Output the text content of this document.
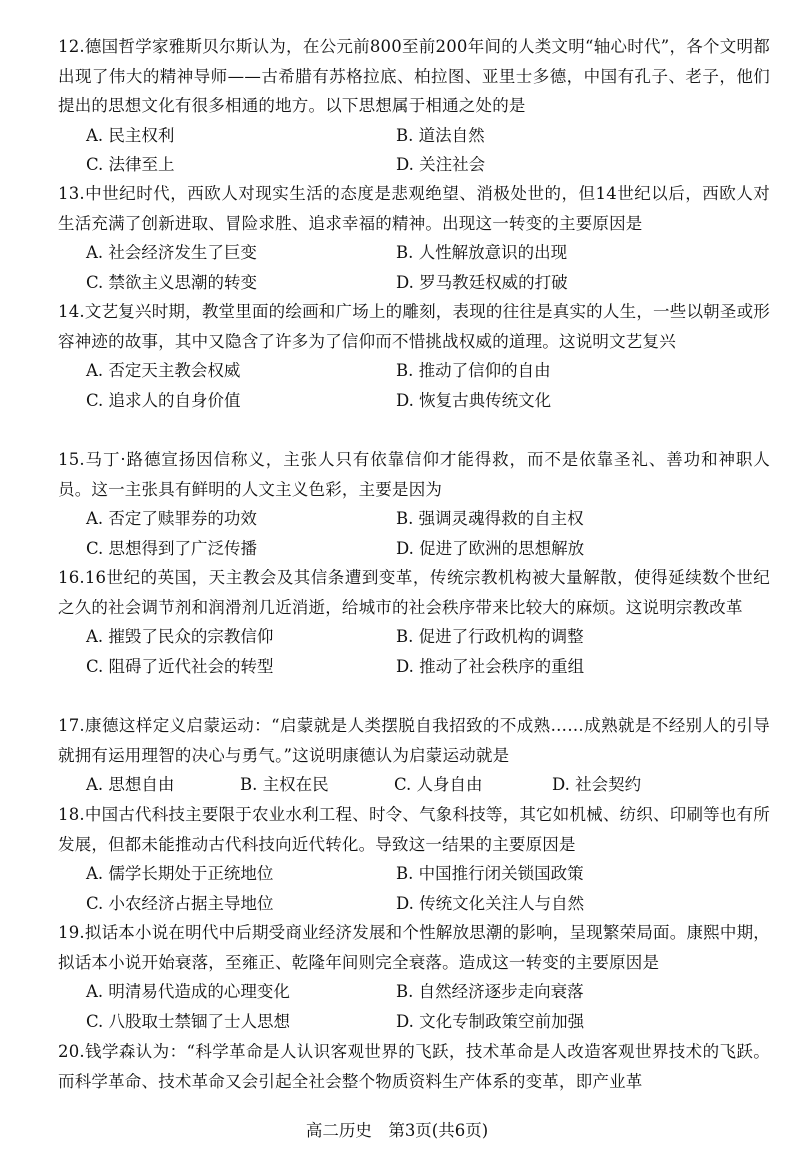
12.德国哲学家雅斯贝尔斯认为，在公元前800至前200年间的人类文明“轴心时代”，各个文明都出现了伟大的精神导师——古希腊有苏格拉底、柏拉图、亚里士多德，中国有孔子、老子，他们提出的思想文化有很多相通的地方。以下思想属于相通之处的是
A. 民主权利	B. 道法自然
C. 法律至上	D. 关注社会
13.中世纪时代，西欧人对现实生活的态度是悲观绝望、消极处世的，但14世纪以后，西欧人对生活充满了创新进取、冒险求胜、追求幸福的精神。出现这一转变的主要原因是
A. 社会经济发生了巨变	B. 人性解放意识的出现
C. 禁欲主义思潮的转变	D. 罗马教廷权威的打破
14.文艺复兴时期，教堂里面的绘画和广场上的雕刻，表现的往往是真实的人生，一些以朝圣或形容神迹的故事，其中又隐含了许多为了信仰而不惜挑战权威的道理。这说明文艺复兴
A. 否定天主教会权威	B. 推动了信仰的自由
C. 追求人的自身价值	D. 恢复古典传统文化
15.马丁·路德宣扬因信称义，主张人只有依靠信仰才能得救，而不是依靠圣礼、善功和神职人员。这一主张具有鲜明的人文主义色彩，主要是因为
A. 否定了赎罪券的功效	B. 强调灵魂得救的自主权
C. 思想得到了广泛传播	D. 促进了欧洲的思想解放
16.16世纪的英国，天主教会及其信条遭到变革，传统宗教机构被大量解散，使得延续数个世纪之久的社会调节剂和润滑剂几近消逝，给城市的社会秩序带来比较大的麻烦。这说明宗教改革
A. 摧毁了民众的宗教信仰	B. 促进了行政机构的调整
C. 阻碍了近代社会的转型	D. 推动了社会秩序的重组
17.康德这样定义启蒙运动：“启蒙就是人类摆脱自我招致的不成熟……成熟就是不经别人的引导就拥有运用理智的决心与勇气。”这说明康德认为启蒙运动就是
A. 思想自由	B. 主权在民	C. 人身自由	D. 社会契约
18.中国古代科技主要限于农业水利工程、时令、气象科技等，其它如机械、纺织、印刷等也有所发展，但都未能推动古代科技向近代转化。导致这一结果的主要原因是
A. 儒学长期处于正统地位	B. 中国推行闭关锁国政策
C. 小农经济占据主导地位	D. 传统文化关注人与自然
19.拟话本小说在明代中后期受商业经济发展和个性解放思潮的影响，呈现繁荣局面。康熙中期，拟话本小说开始衰落，至雍正、乾隆年间则完全衰落。造成这一转变的主要原因是
A. 明清易代造成的心理变化	B. 自然经济逐步走向衰落
C. 八股取士禁锢了士人思想	D. 文化专制政策空前加强
20.钱学森认为：“科学革命是人认识客观世界的飞跃，技术革命是人改造客观世界技术的飞跃。而科学革命、技术革命又会引起全社会整个物质资料生产体系的变革，即产业革
高二历史　第3页(共6页)
